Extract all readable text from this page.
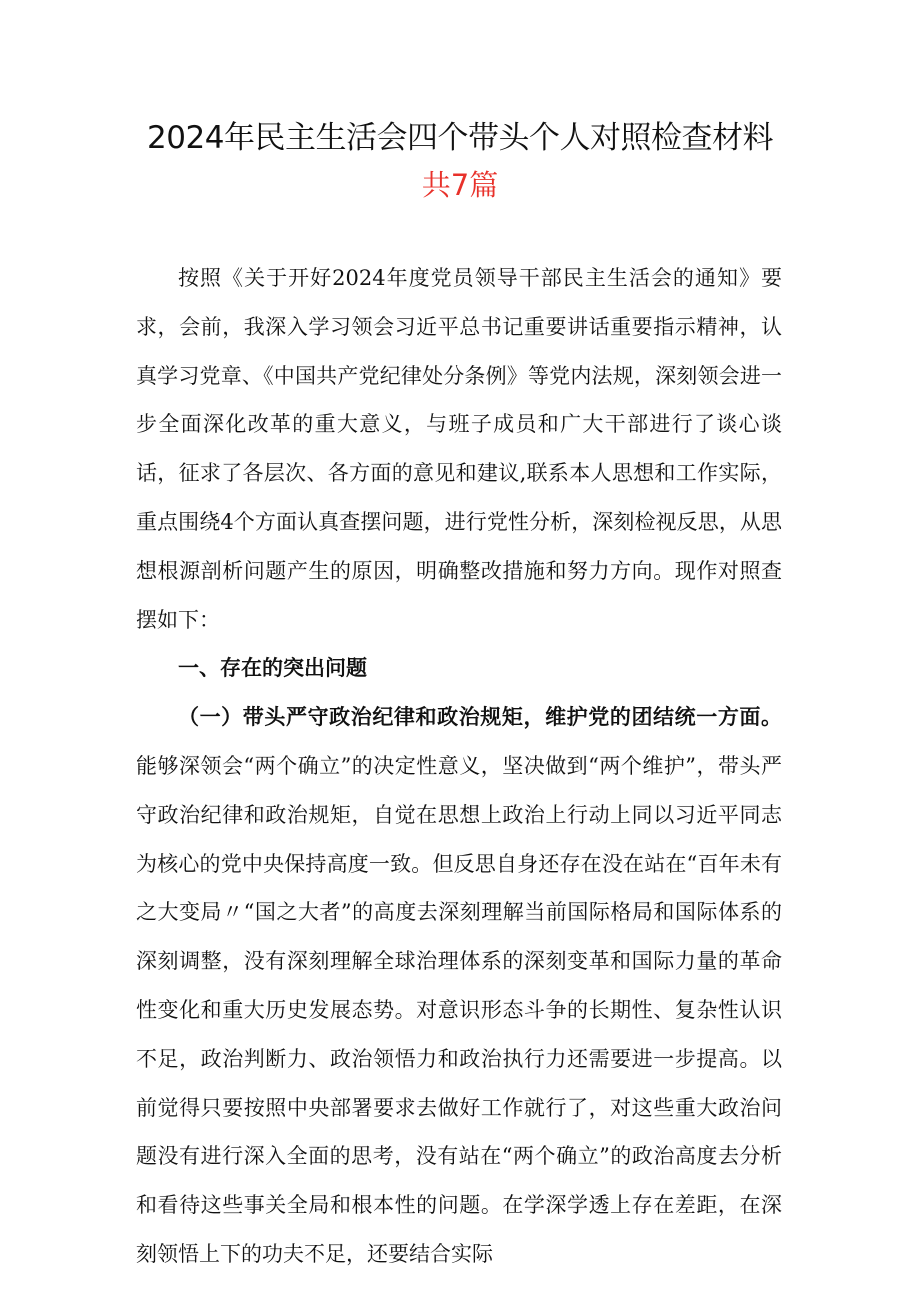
2024年民主生活会四个带头个人对照检查材料
共7篇

按照《关于开好2024年度党员领导干部民主生活会的通知》要求，会前，我深入学习领会习近平总书记重要讲话重要指示精神，认真学习党章、《中国共产党纪律处分条例》等党内法规，深刻领会进一步全面深化改革的重大意义，与班子成员和广大干部进行了谈心谈话，征求了各层次、各方面的意见和建议,联系本人思想和工作实际，重点围绕4个方面认真查摆问题，进行党性分析，深刻检视反思，从思想根源剖析问题产生的原因，明确整改措施和努力方向。现作对照查摆如下：

一、存在的突出问题

（一）带头严守政治纪律和政治规矩，维护党的团结统一方面。能够深领会“两个确立”的决定性意义，坚决做到“两个维护”，带头严守政治纪律和政治规矩，自觉在思想上政治上行动上同以习近平同志为核心的党中央保持高度一致。但反思自身还存在没在站在“百年未有之大变局〃“国之大者”的高度去深刻理解当前国际格局和国际体系的深刻调整，没有深刻理解全球治理体系的深刻变革和国际力量的革命性变化和重大历史发展态势。对意识形态斗争的长期性、复杂性认识不足，政治判断力、政治领悟力和政治执行力还需要进一步提高。以前觉得只要按照中央部署要求去做好工作就行了，对这些重大政治问题没有进行深入全面的思考，没有站在“两个确立”的政治高度去分析和看待这些事关全局和根本性的问题。在学深学透上存在差距，在深刻领悟上下的功夫不足，还要结合实际
